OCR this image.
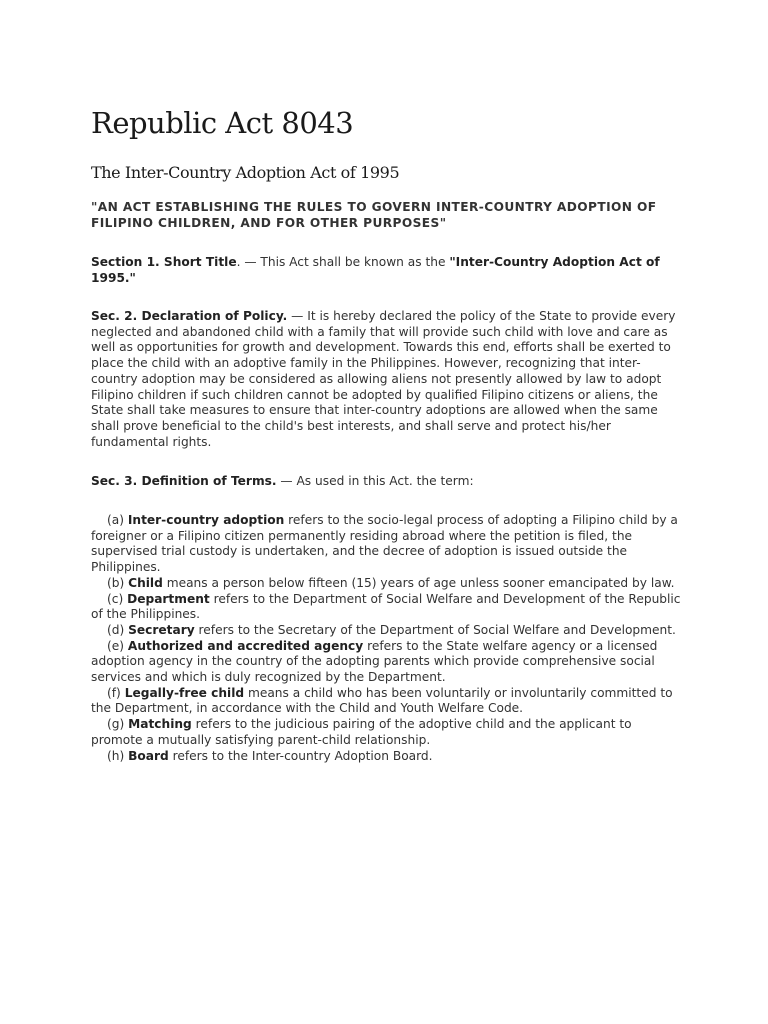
Republic Act 8043
The Inter-Country Adoption Act of 1995

"AN ACT ESTABLISHING THE RULES TO GOVERN INTER-COUNTRY ADOPTION OF FILIPINO CHILDREN, AND FOR OTHER PURPOSES"

Section 1. Short Title. — This Act shall be known as the "Inter-Country Adoption Act of 1995."

Sec. 2. Declaration of Policy. — It is hereby declared the policy of the State to provide every neglected and abandoned child with a family that will provide such child with love and care as well as opportunities for growth and development. Towards this end, efforts shall be exerted to place the child with an adoptive family in the Philippines. However, recognizing that inter-country adoption may be considered as allowing aliens not presently allowed by law to adopt Filipino children if such children cannot be adopted by qualified Filipino citizens or aliens, the State shall take measures to ensure that inter-country adoptions are allowed when the same shall prove beneficial to the child's best interests, and shall serve and protect his/her fundamental rights.

Sec. 3. Definition of Terms. — As used in this Act. the term:

(a) Inter-country adoption refers to the socio-legal process of adopting a Filipino child by a foreigner or a Filipino citizen permanently residing abroad where the petition is filed, the supervised trial custody is undertaken, and the decree of adoption is issued outside the Philippines.

(b) Child means a person below fifteen (15) years of age unless sooner emancipated by law.

(c) Department refers to the Department of Social Welfare and Development of the Republic of the Philippines.

(d) Secretary refers to the Secretary of the Department of Social Welfare and Development.

(e) Authorized and accredited agency refers to the State welfare agency or a licensed adoption agency in the country of the adopting parents which provide comprehensive social services and which is duly recognized by the Department.

(f) Legally-free child means a child who has been voluntarily or involuntarily committed to the Department, in accordance with the Child and Youth Welfare Code.

(g) Matching refers to the judicious pairing of the adoptive child and the applicant to promote a mutually satisfying parent-child relationship.

(h) Board refers to the Inter-country Adoption Board.
